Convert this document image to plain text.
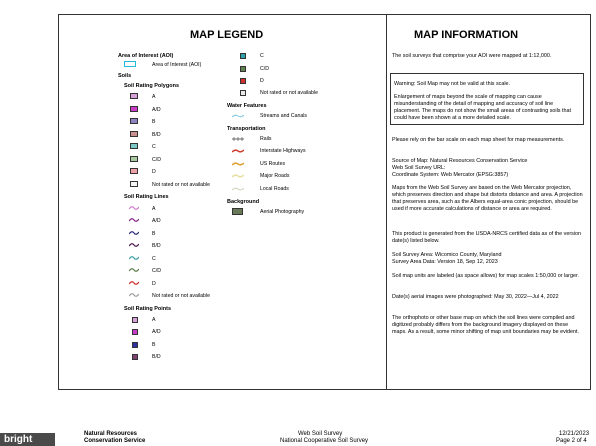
MAP LEGEND
Area of Interest (AOI)
Area of Interest (AOI)
Soils
Soil Rating Polygons
A
A/D
B
B/D
C
C/D
D
Not rated or not available
Soil Rating Lines
A
A/D
B
B/D
C
C/D
D
Not rated or not available
Soil Rating Points
A
A/D
B
B/D
C
C/D
D
Not rated or not available
Water Features
Streams and Canals
Transportation
Rails
Interstate Highways
US Routes
Major Roads
Local Roads
Background
Aerial Photography
MAP INFORMATION
The soil surveys that comprise your AOI were mapped at 1:12,000.

Warning: Soil Map may not be valid at this scale.

Enlargement of maps beyond the scale of mapping can cause misunderstanding of the detail of mapping and accuracy of soil line placement. The maps do not show the small areas of contrasting soils that could have been shown at a more detailed scale.

Please rely on the bar scale on each map sheet for map measurements.

Source of Map: Natural Resources Conservation Service

Web Soil Survey URL:

Coordinate System: Web Mercator (EPSG:3857)

Maps from the Web Soil Survey are based on the Web Mercator projection, which preserves direction and shape but distorts distance and area. A projection that preserves area, such as the Albers equal-area conic projection, should be used if more accurate calculations of distance or area are required.
This product is generated from the USDA-NRCS certified data as of the version date(s) listed below.

Soil Survey Area: Wicomico County, Maryland

Survey Area Data: Version 18, Sep 12, 2023

Soil map units are labeled (as space allows) for map scales 1:50,000 or larger.
Date(s) aerial images were photographed: May 30, 2022—Jul 4, 2022
The orthophoto or other base map on which the soil lines were compiled and digitized probably differs from the background imagery displayed on these maps. As a result, some minor shifting of map unit boundaries may be evident.
bright	Natural Resources
Conservation Service
Web Soil Survey
National Cooperative Soil Survey
12/21/2023
Page 2 of 4
